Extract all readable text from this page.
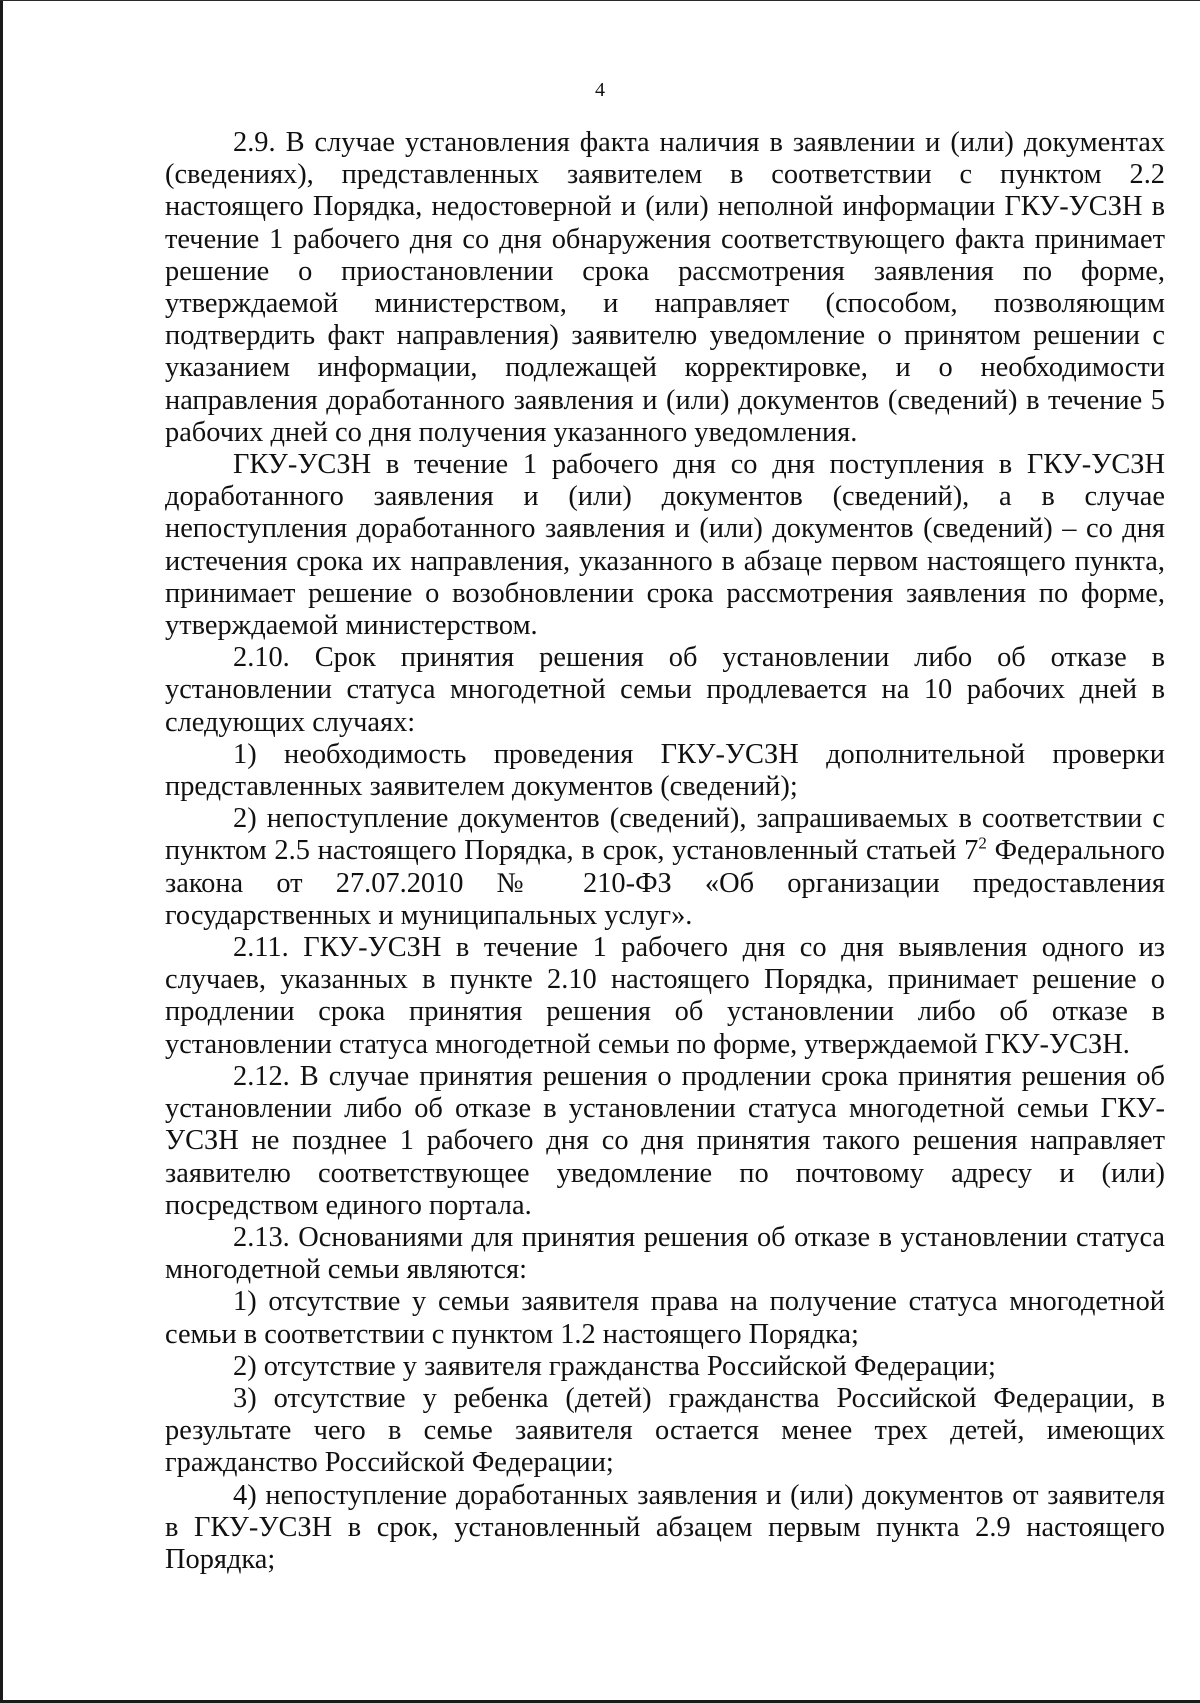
4

2.9. В случае установления факта наличия в заявлении и (или) документах (сведениях), представленных заявителем в соответствии с пунктом 2.2 настоящего Порядка, недостоверной и (или) неполной информации ГКУ-УСЗН в течение 1 рабочего дня со дня обнаружения соответствующего факта принимает решение о приостановлении срока рассмотрения заявления по форме, утверждаемой министерством, и направляет (способом, позволяющим подтвердить факт направления) заявителю уведомление о принятом решении с указанием информации, подлежащей корректировке, и о необходимости направления доработанного заявления и (или) документов (сведений) в течение 5 рабочих дней со дня получения указанного уведомления.

ГКУ-УСЗН в течение 1 рабочего дня со дня поступления в ГКУ-УСЗН доработанного заявления и (или) документов (сведений), а в случае непоступления доработанного заявления и (или) документов (сведений) – со дня истечения срока их направления, указанного в абзаце первом настоящего пункта, принимает решение о возобновлении срока рассмотрения заявления по форме, утверждаемой министерством.

2.10. Срок принятия решения об установлении либо об отказе в установлении статуса многодетной семьи продлевается на 10 рабочих дней в следующих случаях:

1) необходимость проведения ГКУ-УСЗН дополнительной проверки представленных заявителем документов (сведений);

2) непоступление документов (сведений), запрашиваемых в соответствии с пунктом 2.5 настоящего Порядка, в срок, установленный статьей $7^2$ Федерального закона от 27.07.2010 № 210-ФЗ «Об организации предоставления государственных и муниципальных услуг».

2.11. ГКУ-УСЗН в течение 1 рабочего дня со дня выявления одного из случаев, указанных в пункте 2.10 настоящего Порядка, принимает решение о продлении срока принятия решения об установлении либо об отказе в установлении статуса многодетной семьи по форме, утверждаемой ГКУ-УСЗН.

2.12. В случае принятия решения о продлении срока принятия решения об установлении либо об отказе в установлении статуса многодетной семьи ГКУ-УСЗН не позднее 1 рабочего дня со дня принятия такого решения направляет заявителю соответствующее уведомление по почтовому адресу и (или) посредством единого портала.

2.13. Основаниями для принятия решения об отказе в установлении статуса многодетной семьи являются:

1) отсутствие у семьи заявителя права на получение статуса многодетной семьи в соответствии с пунктом 1.2 настоящего Порядка;

2) отсутствие у заявителя гражданства Российской Федерации;

3) отсутствие у ребенка (детей) гражданства Российской Федерации, в результате чего в семье заявителя остается менее трех детей, имеющих гражданство Российской Федерации;

4) непоступление доработанных заявления и (или) документов от заявителя в ГКУ-УСЗН в срок, установленный абзацем первым пункта 2.9 настоящего Порядка;
